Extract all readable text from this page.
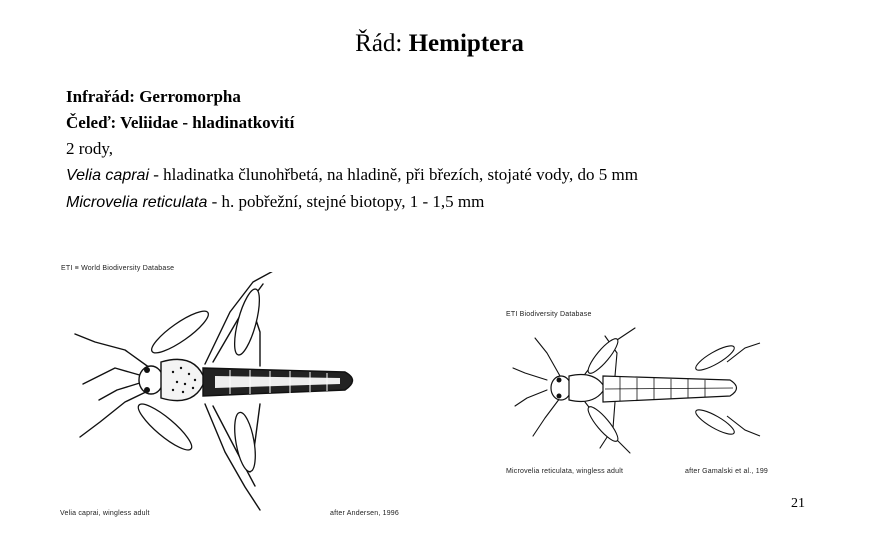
Řád: Hemiptera
Infrařád: Gerromorpha
Čeleď: Veliidae - hladinatkovití
2 rody,
Velia caprai - hladinatka člunohřbetá, na hladině, při březích, stojaté vody, do 5 mm
Microvelia reticulata - h. pobřežní, stejné biotopy, 1 - 1,5 mm
ETI ≡ World Biodiversity Database
Velia caprai, wingless adult	after Andersen, 1996
ETI Biodiversity Database
Microvelia reticulata, wingless adult	after Gamalski et al., 199
21
